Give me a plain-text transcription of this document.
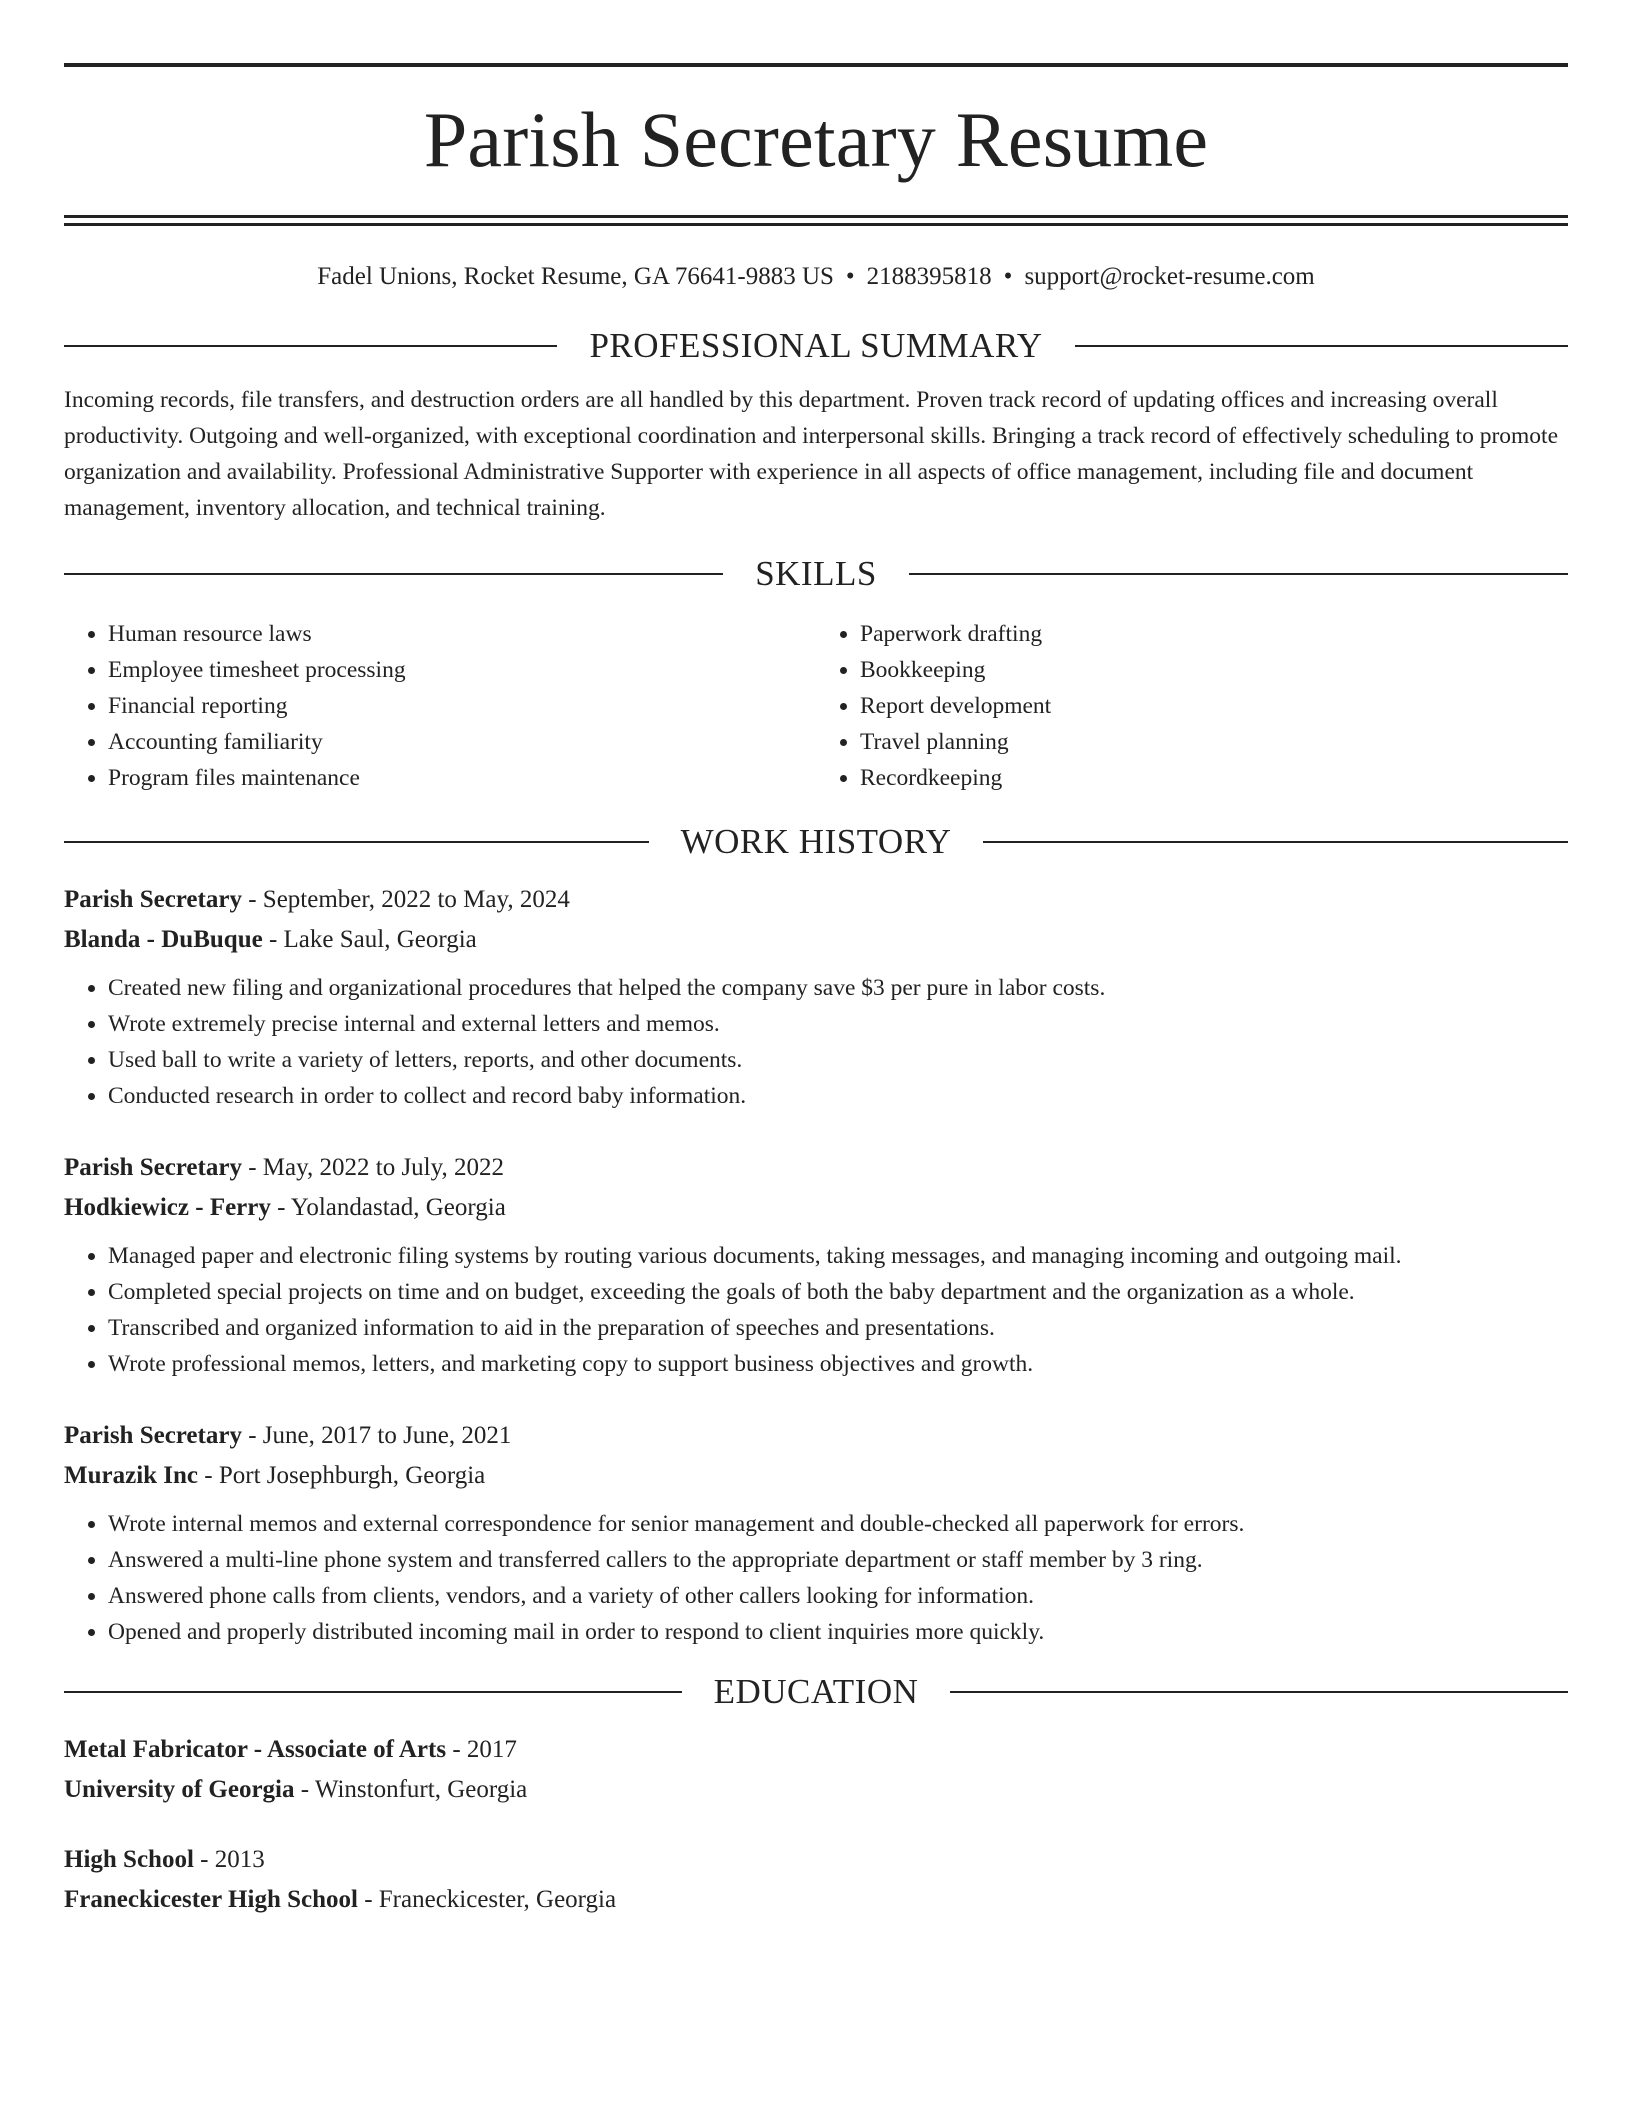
Parish Secretary Resume
Fadel Unions, Rocket Resume, GA 76641-9883 US • 2188395818 • support@rocket-resume.com
PROFESSIONAL SUMMARY
Incoming records, file transfers, and destruction orders are all handled by this department. Proven track record of updating offices and increasing overall productivity. Outgoing and well-organized, with exceptional coordination and interpersonal skills. Bringing a track record of effectively scheduling to promote organization and availability. Professional Administrative Supporter with experience in all aspects of office management, including file and document management, inventory allocation, and technical training.
SKILLS
• Human resource laws
• Employee timesheet processing
• Financial reporting
• Accounting familiarity
• Program files maintenance
• Paperwork drafting
• Bookkeeping
• Report development
• Travel planning
• Recordkeeping
WORK HISTORY
Parish Secretary - September, 2022 to May, 2024
Blanda - DuBuque - Lake Saul, Georgia
• Created new filing and organizational procedures that helped the company save $3 per pure in labor costs.
• Wrote extremely precise internal and external letters and memos.
• Used ball to write a variety of letters, reports, and other documents.
• Conducted research in order to collect and record baby information.
Parish Secretary - May, 2022 to July, 2022
Hodkiewicz - Ferry - Yolandastad, Georgia
• Managed paper and electronic filing systems by routing various documents, taking messages, and managing incoming and outgoing mail.
• Completed special projects on time and on budget, exceeding the goals of both the baby department and the organization as a whole.
• Transcribed and organized information to aid in the preparation of speeches and presentations.
• Wrote professional memos, letters, and marketing copy to support business objectives and growth.
Parish Secretary - June, 2017 to June, 2021
Murazik Inc - Port Josephburgh, Georgia
• Wrote internal memos and external correspondence for senior management and double-checked all paperwork for errors.
• Answered a multi-line phone system and transferred callers to the appropriate department or staff member by 3 ring.
• Answered phone calls from clients, vendors, and a variety of other callers looking for information.
• Opened and properly distributed incoming mail in order to respond to client inquiries more quickly.
EDUCATION
Metal Fabricator - Associate of Arts - 2017
University of Georgia - Winstonfurt, Georgia
High School - 2013
Franeckicester High School - Franeckicester, Georgia
